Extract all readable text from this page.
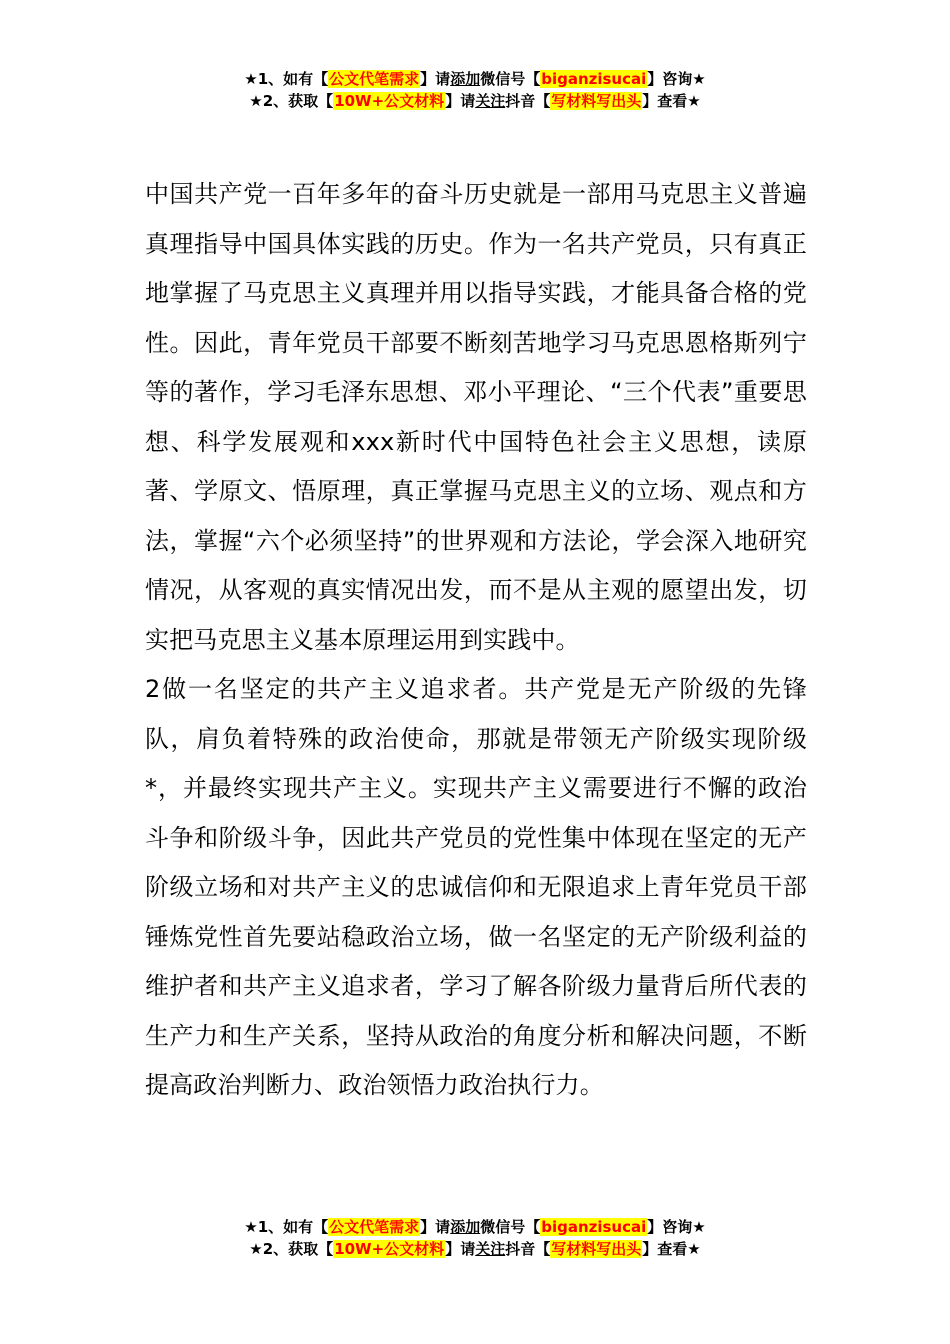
★1、如有【公文代笔需求】请添加微信号【biganzisucai】咨询★
★2、获取【10W+公文材料】请关注抖音【写材料写出头】查看★

中国共产党一百年多年的奋斗历史就是一部用马克思主义普遍真理指导中国具体实践的历史。作为一名共产党员，只有真正地掌握了马克思主义真理并用以指导实践，才能具备合格的党性。因此，青年党员干部要不断刻苦地学习马克思恩格斯列宁等的著作，学习毛泽东思想、邓小平理论、“三个代表”重要思想、科学发展观和xxx新时代中国特色社会主义思想，读原著、学原文、悟原理，真正掌握马克思主义的立场、观点和方法，掌握“六个必须坚持”的世界观和方法论，学会深入地研究情况，从客观的真实情况出发，而不是从主观的愿望出发，切实把马克思主义基本原理运用到实践中。

2做一名坚定的共产主义追求者。共产党是无产阶级的先锋队，肩负着特殊的政治使命，那就是带领无产阶级实现阶级*，并最终实现共产主义。实现共产主义需要进行不懈的政治斗争和阶级斗争，因此共产党员的党性集中体现在坚定的无产阶级立场和对共产主义的忠诚信仰和无限追求上青年党员干部锤炼党性首先要站稳政治立场，做一名坚定的无产阶级利益的维护者和共产主义追求者，学习了解各阶级力量背后所代表的生产力和生产关系，坚持从政治的角度分析和解决问题，不断提高政治判断力、政治领悟力政治执行力。

★1、如有【公文代笔需求】请添加微信号【biganzisucai】咨询★
★2、获取【10W+公文材料】请关注抖音【写材料写出头】查看★
